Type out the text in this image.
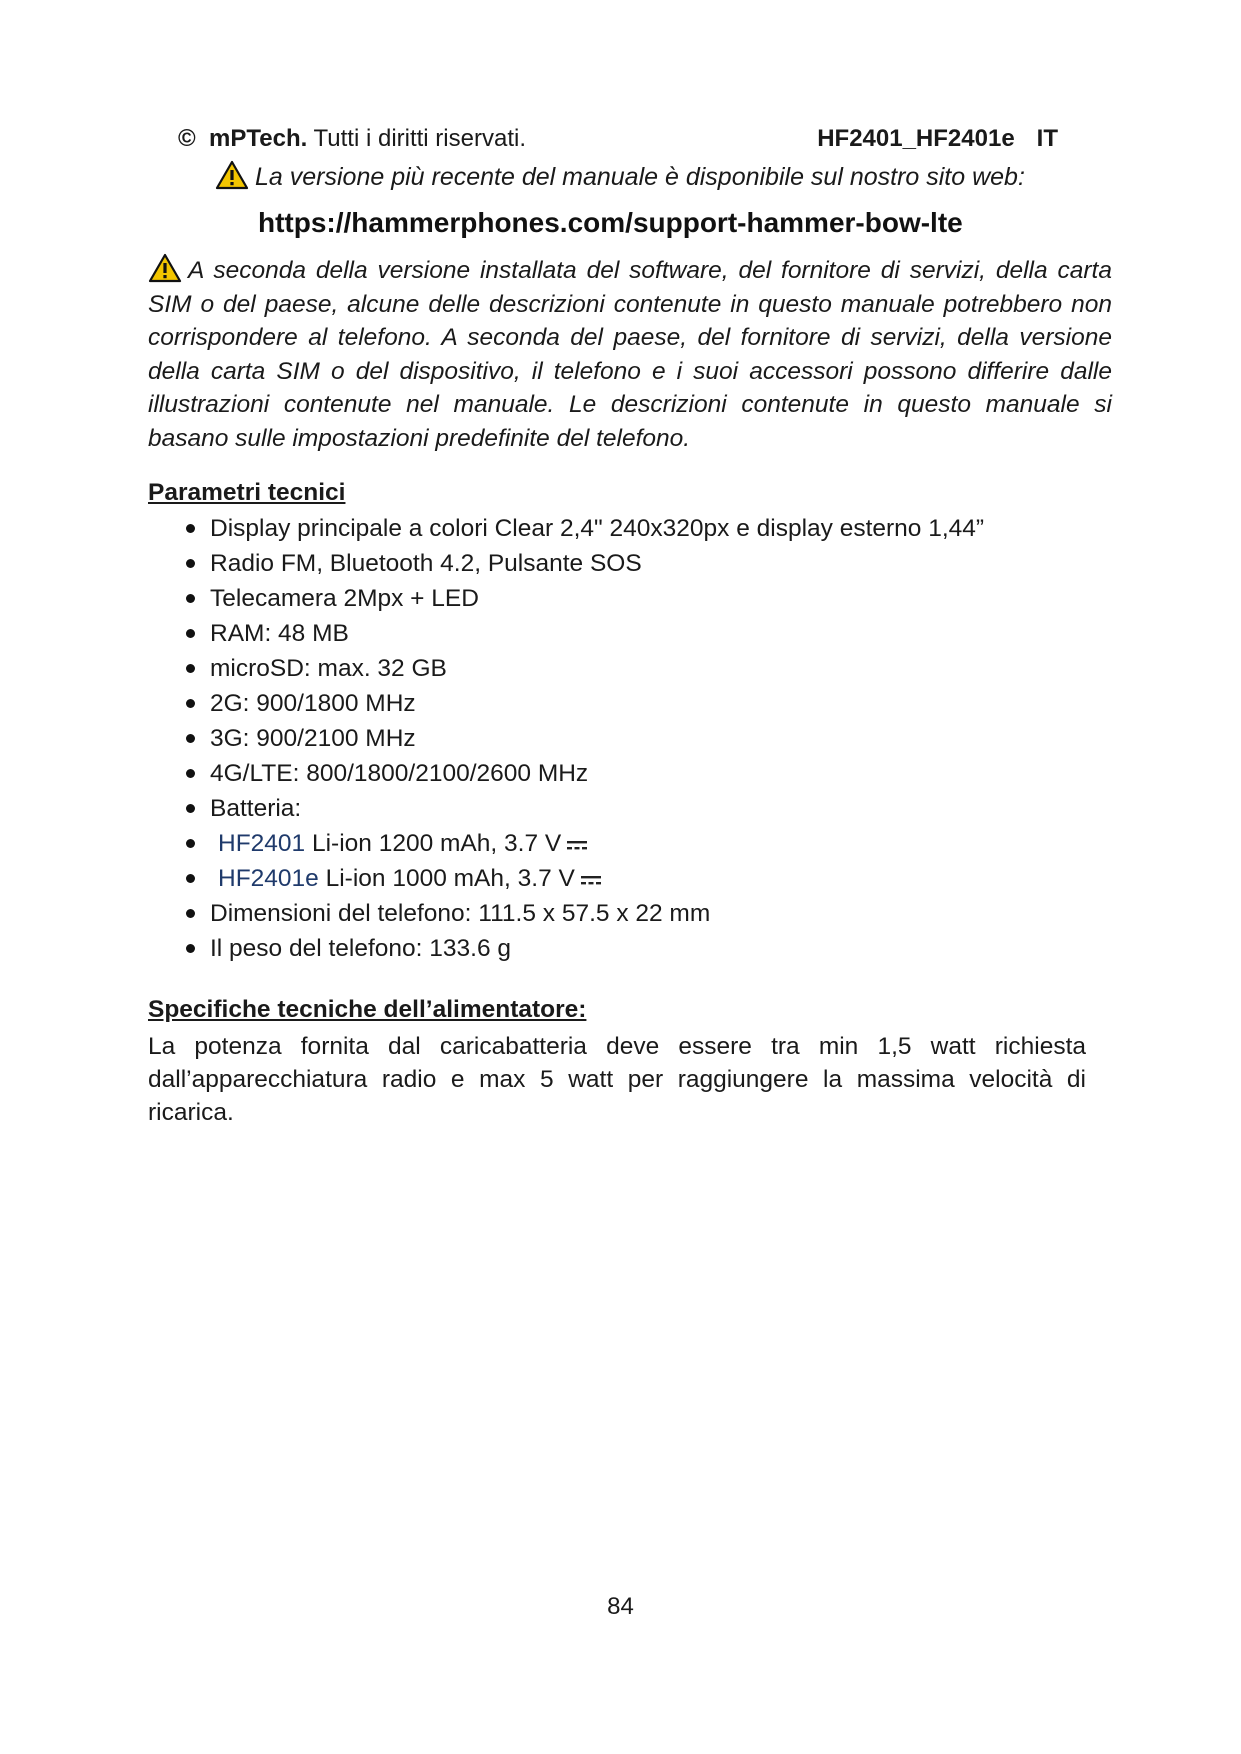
© mPTech. Tutti i diritti riservati.	HF2401_HF2401e IT
La versione più recente del manuale è disponibile sul nostro sito web:
https://hammerphones.com/support-hammer-bow-lte
A seconda della versione installata del software, del fornitore di servizi, della carta SIM o del paese, alcune delle descrizioni contenute in questo manuale potrebbero non corrispondere al telefono. A seconda del paese, del fornitore di servizi, della versione della carta SIM o del dispositivo, il telefono e i suoi accessori possono differire dalle illustrazioni contenute nel manuale. Le descrizioni contenute in questo manuale si basano sulle impostazioni predefinite del telefono.
Parametri tecnici
Display principale a colori Clear 2,4" 240x320px e display esterno 1,44”
Radio FM, Bluetooth 4.2, Pulsante SOS
Telecamera 2Mpx + LED
RAM: 48 MB
microSD: max. 32 GB
2G: 900/1800 MHz
3G: 900/2100 MHz
4G/LTE: 800/1800/2100/2600 MHz
Batteria:
HF2401 Li-ion 1200 mAh, 3.7 V
HF2401e Li-ion 1000 mAh, 3.7 V
Dimensioni del telefono: 111.5 x 57.5 x 22 mm
Il peso del telefono: 133.6 g
Specifiche tecniche dell’alimentatore:

La potenza fornita dal caricabatteria deve essere tra min 1,5 watt richiesta dall’apparecchiatura radio e max 5 watt per raggiungere la massima velocità di ricarica.

84
